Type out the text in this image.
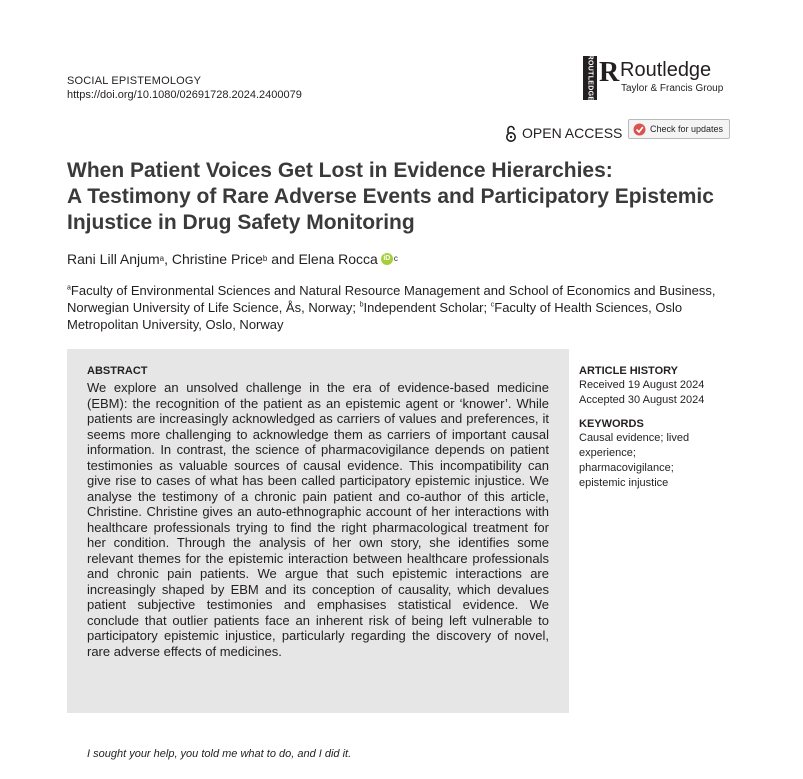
SOCIAL EPISTEMOLOGY
https://doi.org/10.1080/02691728.2024.2400079	ROUTLEDGE R Routledge
Taylor & Francis Group
OPEN ACCESS	Check for updates
When Patient Voices Get Lost in Evidence Hierarchies:
A Testimony of Rare Adverse Events and Participatory Epistemic
Injustice in Drug Safety Monitoring
Rani Lill Anjum a , Christine Price b and Elena Rocca iD c
$^a$Faculty of Environmental Sciences and Natural Resource Management and School of Economics and Business, Norwegian University of Life Science, Ås, Norway; $^b$Independent Scholar; $^c$Faculty of Health Sciences, Oslo Metropolitan University, Oslo, Norway

ABSTRACT

We explore an unsolved challenge in the era of evidence-based medicine (EBM): the recognition of the patient as an epistemic agent or ‘knower’. While patients are increasingly acknowledged as carriers of values and preferences, it seems more challenging to acknowledge them as carriers of important causal information. In contrast, the science of pharmacovigilance depends on patient testimonies as valuable sources of causal evidence. This incompatibility can give rise to cases of what has been called participatory epistemic injustice. We analyse the testimony of a chronic pain patient and co-author of this article, Christine. Christine gives an auto-ethnographic account of her interactions with healthcare professionals trying to find the right pharmacological treatment for her condition. Through the analysis of her own story, she identifies some relevant themes for the epistemic interaction between healthcare professionals and chronic pain patients. We argue that such epistemic interactions are increasingly shaped by EBM and its conception of causality, which devalues patient subjective testimonies and emphasises statistical evidence. We conclude that outlier patients face an inherent risk of being left vulnerable to participatory epistemic injustice, particularly regarding the discovery of novel, rare adverse effects of medicines.

ARTICLE HISTORY

Received 19 August 2024

Accepted 30 August 2024

KEYWORDS

Causal evidence; lived experience; pharmacovigilance; epistemic injustice

I sought your help, you told me what to do, and I did it.
